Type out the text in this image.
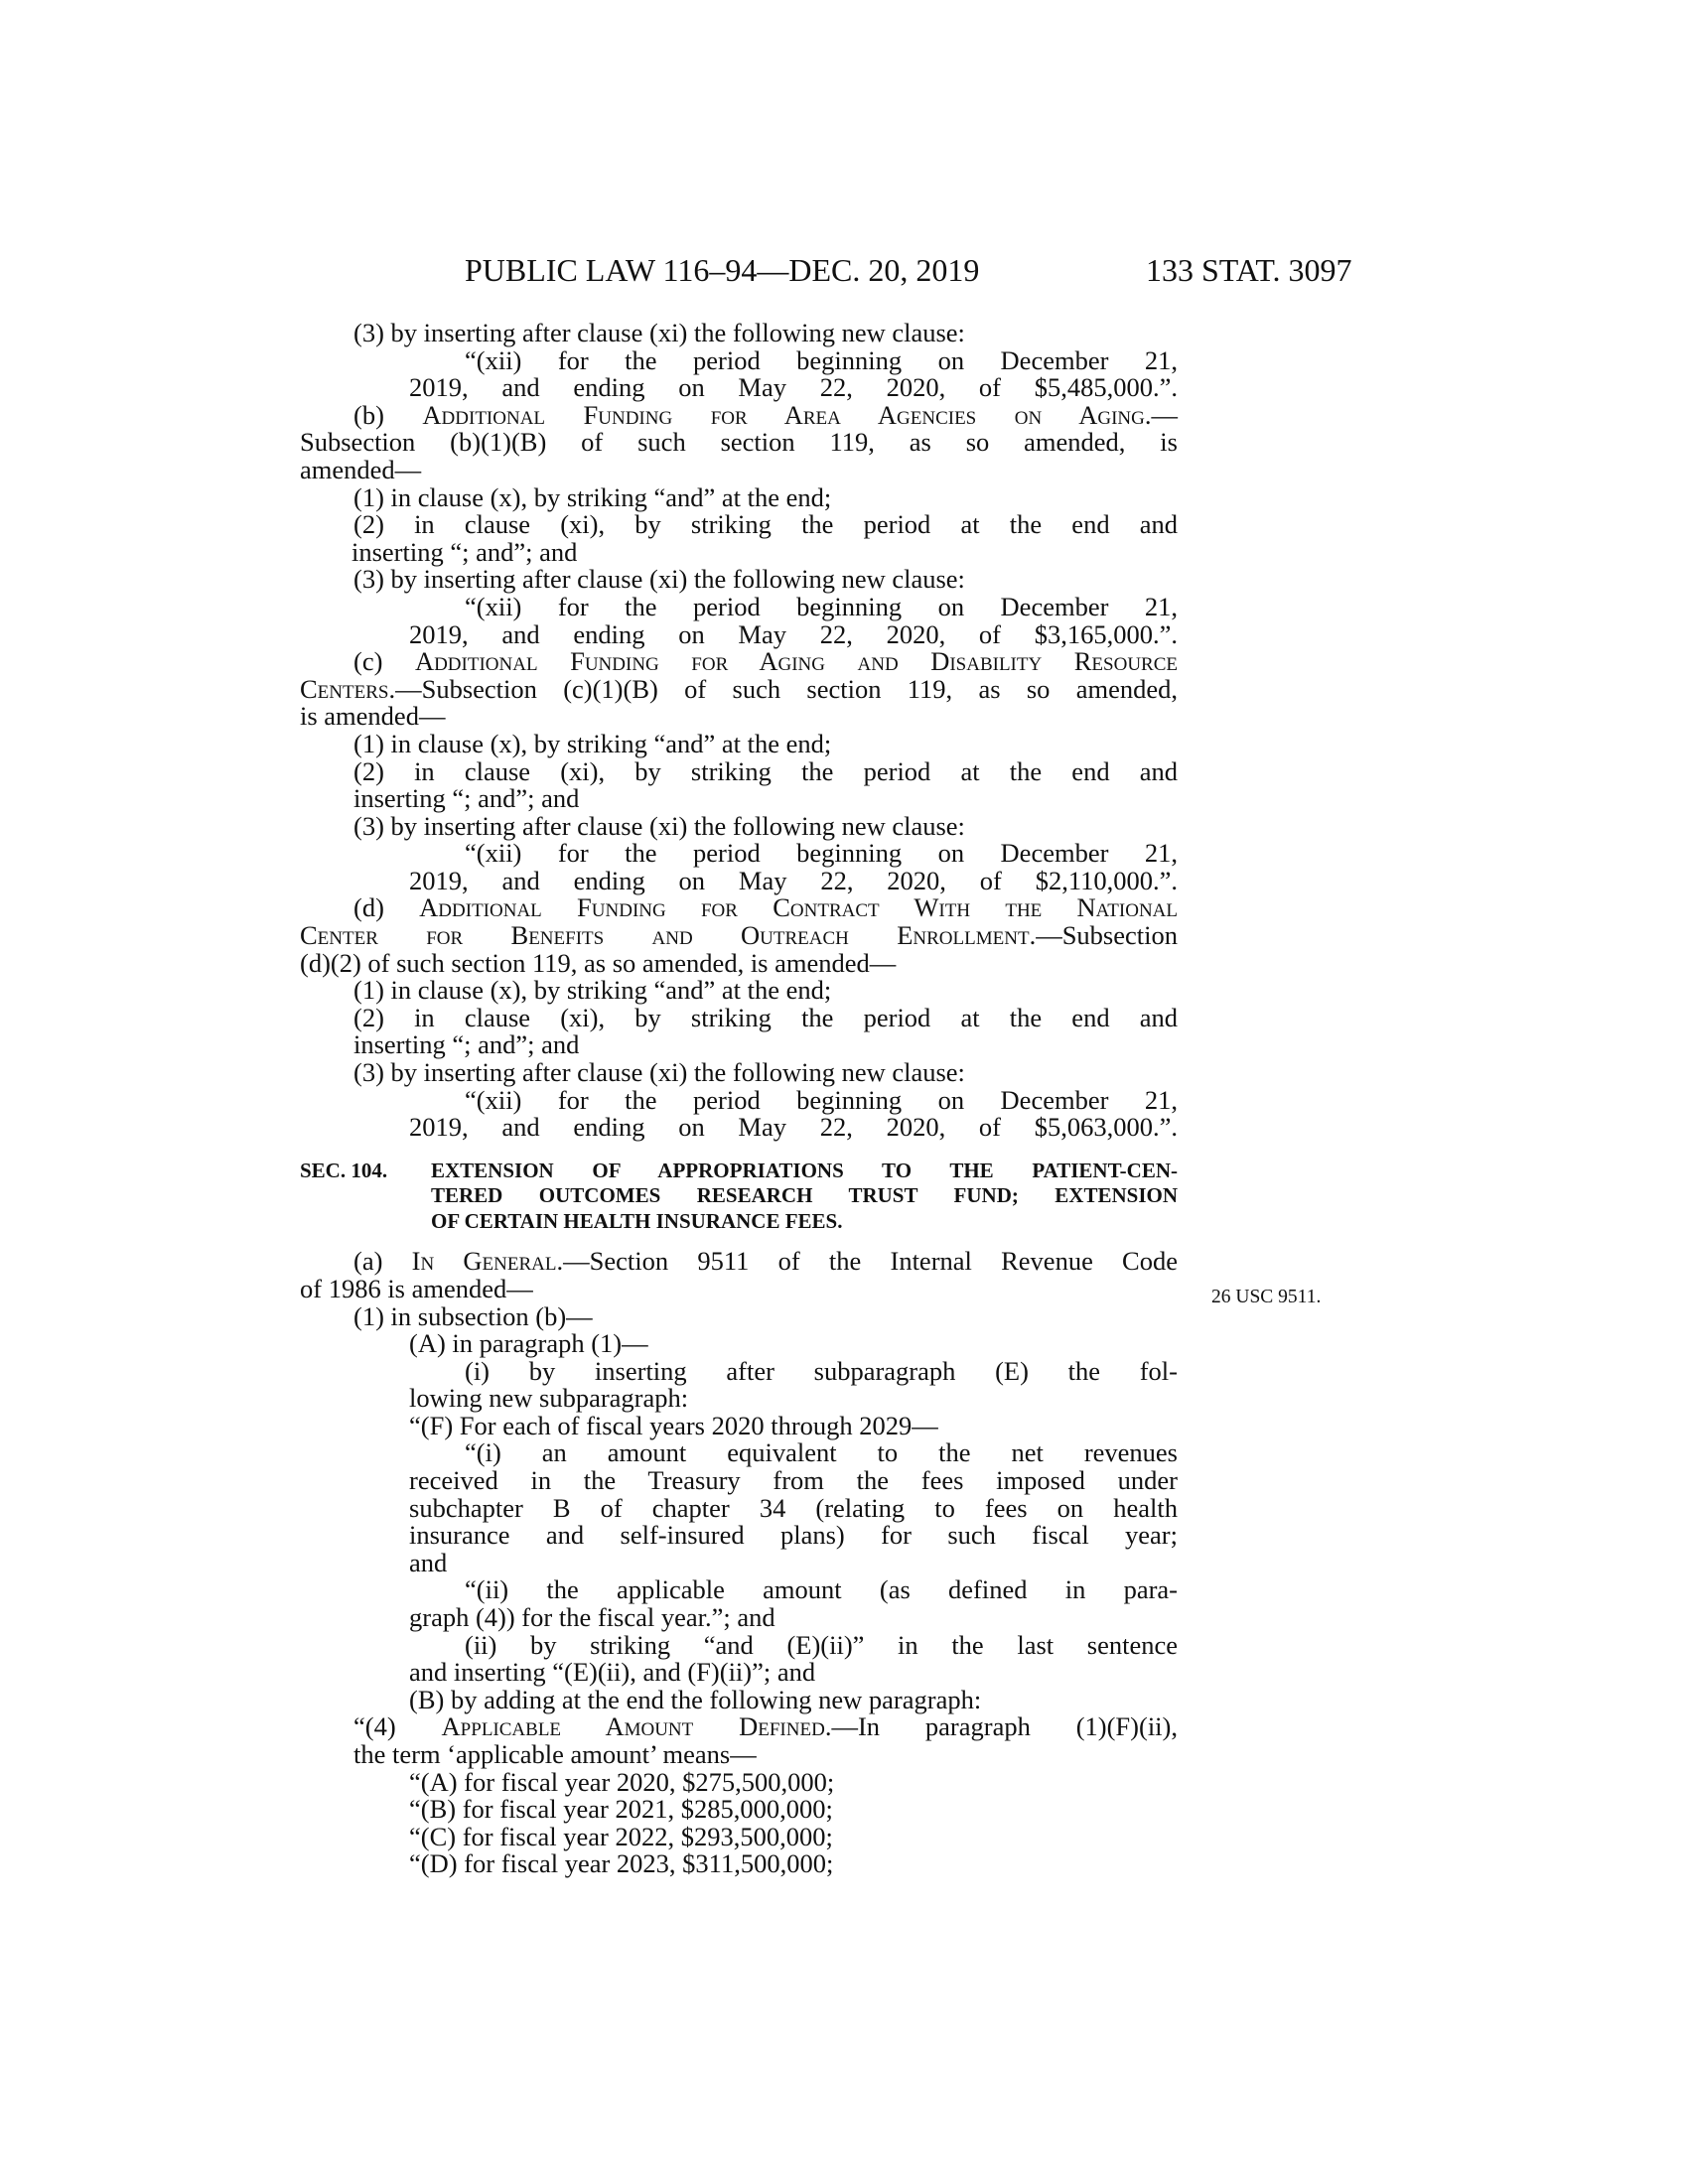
PUBLIC LAW 116–94—DEC. 20, 2019	133 STAT. 3097
(3) by inserting after clause (xi) the following new clause:
“(xii) for the period beginning on December 21,
2019, and ending on May 22, 2020, of $5,485,000.”.
(b) Additional Funding for Area Agencies on Aging.—
Subsection (b)(1)(B) of such section 119, as so amended, is
amended—
(1) in clause (x), by striking “and” at the end;
(2) in clause (xi), by striking the period at the end and
inserting “; and”; and
(3) by inserting after clause (xi) the following new clause:
“(xii) for the period beginning on December 21,
2019, and ending on May 22, 2020, of $3,165,000.”.
(c) Additional Funding for Aging and Disability Resource
Centers.—Subsection (c)(1)(B) of such section 119, as so amended,
is amended—
(1) in clause (x), by striking “and” at the end;
(2) in clause (xi), by striking the period at the end and
inserting “; and”; and
(3) by inserting after clause (xi) the following new clause:
“(xii) for the period beginning on December 21,
2019, and ending on May 22, 2020, of $2,110,000.”.
(d) Additional Funding for Contract With the National
Center for Benefits and Outreach Enrollment.—Subsection
(d)(2) of such section 119, as so amended, is amended—
(1) in clause (x), by striking “and” at the end;
(2) in clause (xi), by striking the period at the end and
inserting “; and”; and
(3) by inserting after clause (xi) the following new clause:
“(xii) for the period beginning on December 21,
2019, and ending on May 22, 2020, of $5,063,000.”.
SEC. 104.	EXTENSION OF APPROPRIATIONS TO THE PATIENT-CEN-
TERED OUTCOMES RESEARCH TRUST FUND; EXTENSION
OF CERTAIN HEALTH INSURANCE FEES.
(a) In General.—Section 9511 of the Internal Revenue Code
of 1986 is amended—
(1) in subsection (b)—
(A) in paragraph (1)—
(i) by inserting after subparagraph (E) the fol-
lowing new subparagraph:
“(F) For each of fiscal years 2020 through 2029—
“(i) an amount equivalent to the net revenues
received in the Treasury from the fees imposed under
subchapter B of chapter 34 (relating to fees on health
insurance and self-insured plans) for such fiscal year;
and
“(ii) the applicable amount (as defined in para-
graph (4)) for the fiscal year.”; and
(ii) by striking “and (E)(ii)” in the last sentence
and inserting “(E)(ii), and (F)(ii)”; and
(B) by adding at the end the following new paragraph:
“(4) Applicable Amount Defined.—In paragraph (1)(F)(ii),
the term ‘applicable amount’ means—
“(A) for fiscal year 2020, $275,500,000;
“(B) for fiscal year 2021, $285,000,000;
“(C) for fiscal year 2022, $293,500,000;
“(D) for fiscal year 2023, $311,500,000;
26 USC 9511.
